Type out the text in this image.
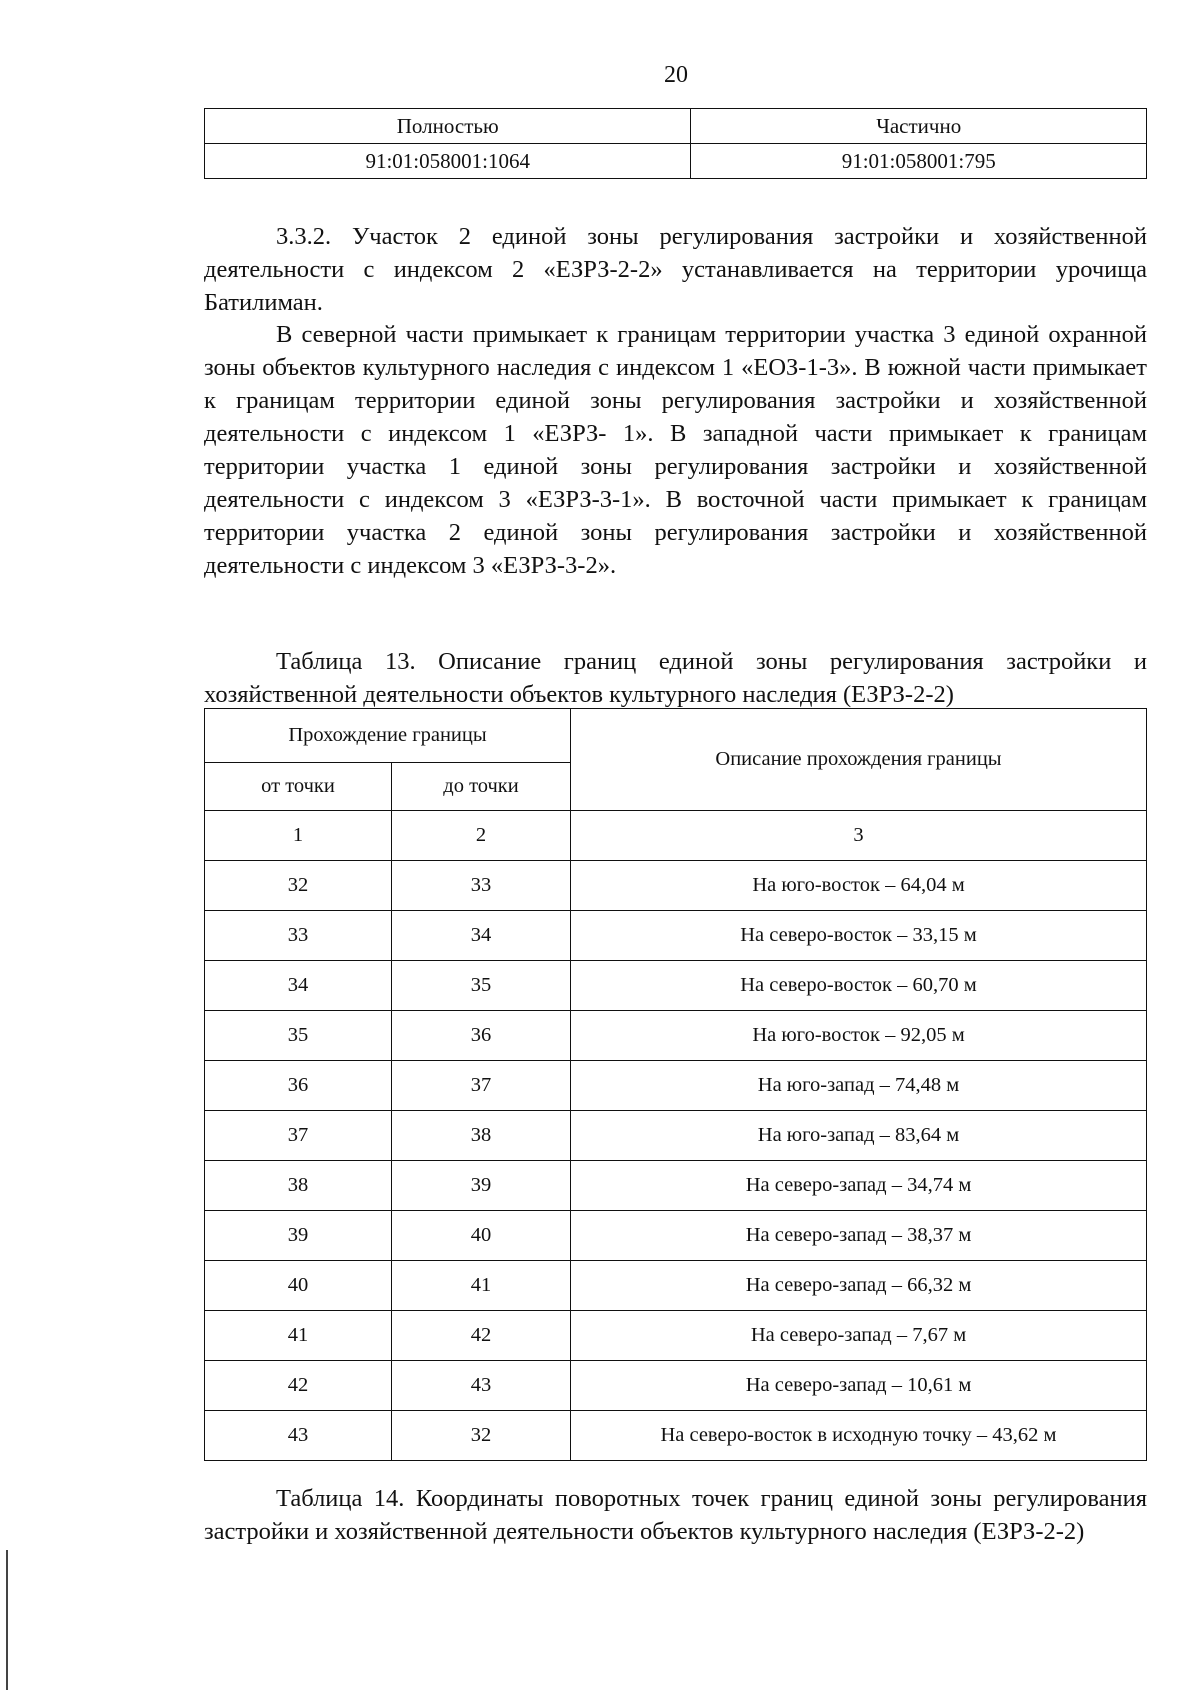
20
Полностью	Частично
91:01:058001:1064	91:01:058001:795

3.3.2. Участок 2 единой зоны регулирования застройки и хозяйственной деятельности с индексом 2 «ЕЗРЗ-2-2» устанавливается на территории урочища Батилиман.

В северной части примыкает к границам территории участка 3 единой охранной зоны объектов культурного наследия с индексом 1 «ЕОЗ-1-3». В южной части примыкает к границам территории единой зоны регулирования застройки и хозяйственной деятельности с индексом 1 «ЕЗРЗ- 1». В западной части примыкает к границам территории участка 1 единой зоны регулирования застройки и хозяйственной деятельности с индексом 3 «ЕЗРЗ-3-1». В восточной части примыкает к границам территории участка 2 единой зоны регулирования застройки и хозяйственной деятельности с индексом 3 «ЕЗРЗ-3-2».

Таблица 13. Описание границ единой зоны регулирования застройки и хозяйственной деятельности объектов культурного наследия (ЕЗРЗ-2-2)

Прохождение границы		Описание прохождения границы
от точки	до точки	
1	2	3
32	33	На юго-восток – 64,04 м
33	34	На северо-восток – 33,15 м
34	35	На северо-восток – 60,70 м
35	36	На юго-восток – 92,05 м
36	37	На юго-запад – 74,48 м
37	38	На юго-запад – 83,64 м
38	39	На северо-запад – 34,74 м
39	40	На северо-запад – 38,37 м
40	41	На северо-запад – 66,32 м
41	42	На северо-запад – 7,67 м
42	43	На северо-запад – 10,61 м
43	32	На северо-восток в исходную точку – 43,62 м

Таблица 14. Координаты поворотных точек границ единой зоны регулирования застройки и хозяйственной деятельности объектов культурного наследия (ЕЗРЗ-2-2)
